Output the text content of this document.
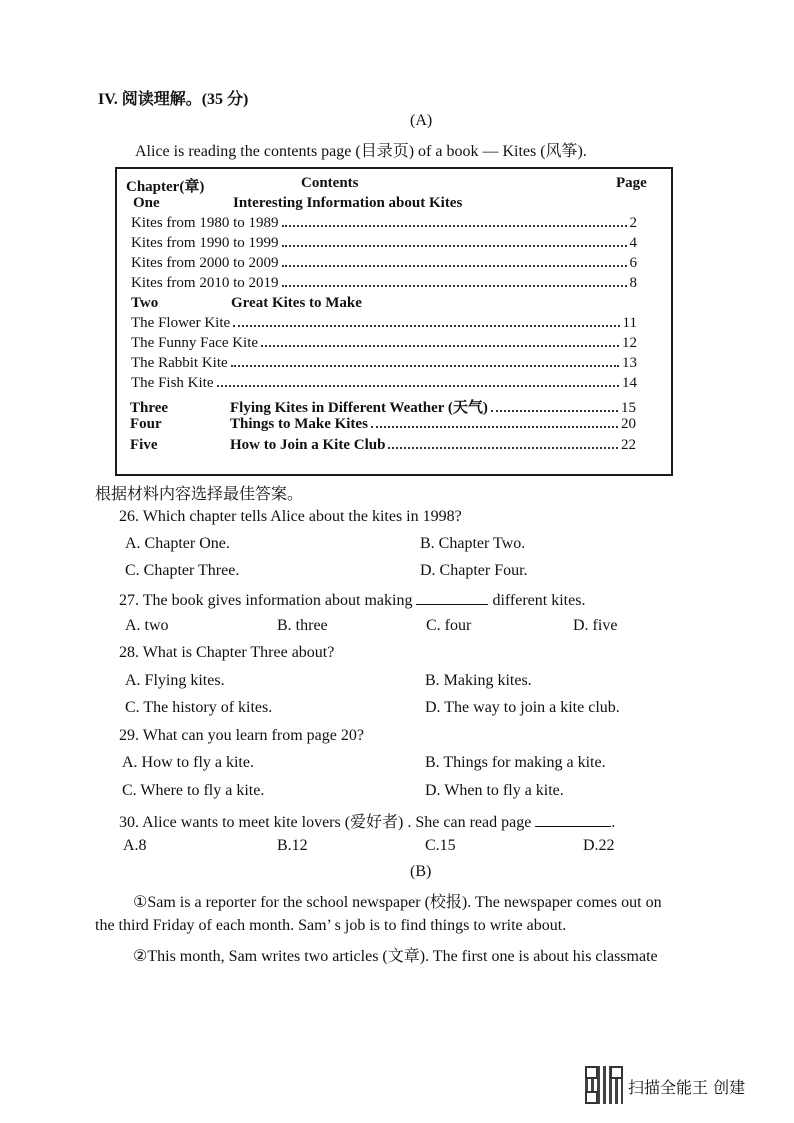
IV. 阅读理解。(35 分)
(A)
Alice is reading the contents page (目录页) of a book — Kites (风筝).
Chapter(章)	Contents	Page
One	Interesting Information about Kites
Kites from 1980 to 1989	2
Kites from 1990 to 1999	4
Kites from 2000 to 2009	6
Kites from 2010 to 2019	8
Two	Great Kites to Make
The Flower Kite	11
The Funny Face Kite	12
The Rabbit Kite	13
The Fish Kite	14
Three	Flying Kites in Different Weather (天气)	15
Four	Things to Make Kites	20
Five	How to Join a Kite Club	22
根据材料内容选择最佳答案。
26. Which chapter tells Alice about the kites in 1998?
A. Chapter One.	B. Chapter Two.
C. Chapter Three.	D. Chapter Four.
27. The book gives information about making	different kites.
A. two	B. three	C. four	D. five
28. What is Chapter Three about?
A. Flying kites.	B. Making kites.
C. The history of kites.	D. The way to join a kite club.
29. What can you learn from page 20?
A. How to fly a kite.	B. Things for making a kite.
C. Where to fly a kite.	D. When to fly a kite.
30. Alice wants to meet kite lovers (爱好者) . She can read page	.
A.8	B.12	C.15	D.22
(B)
①Sam is a reporter for the school newspaper (校报). The newspaper comes out on
the third Friday of each month. Sam’ s job is to find things to write about.
②This month, Sam writes two articles (文章). The first one is about his classmate
扫描全能王 创建
